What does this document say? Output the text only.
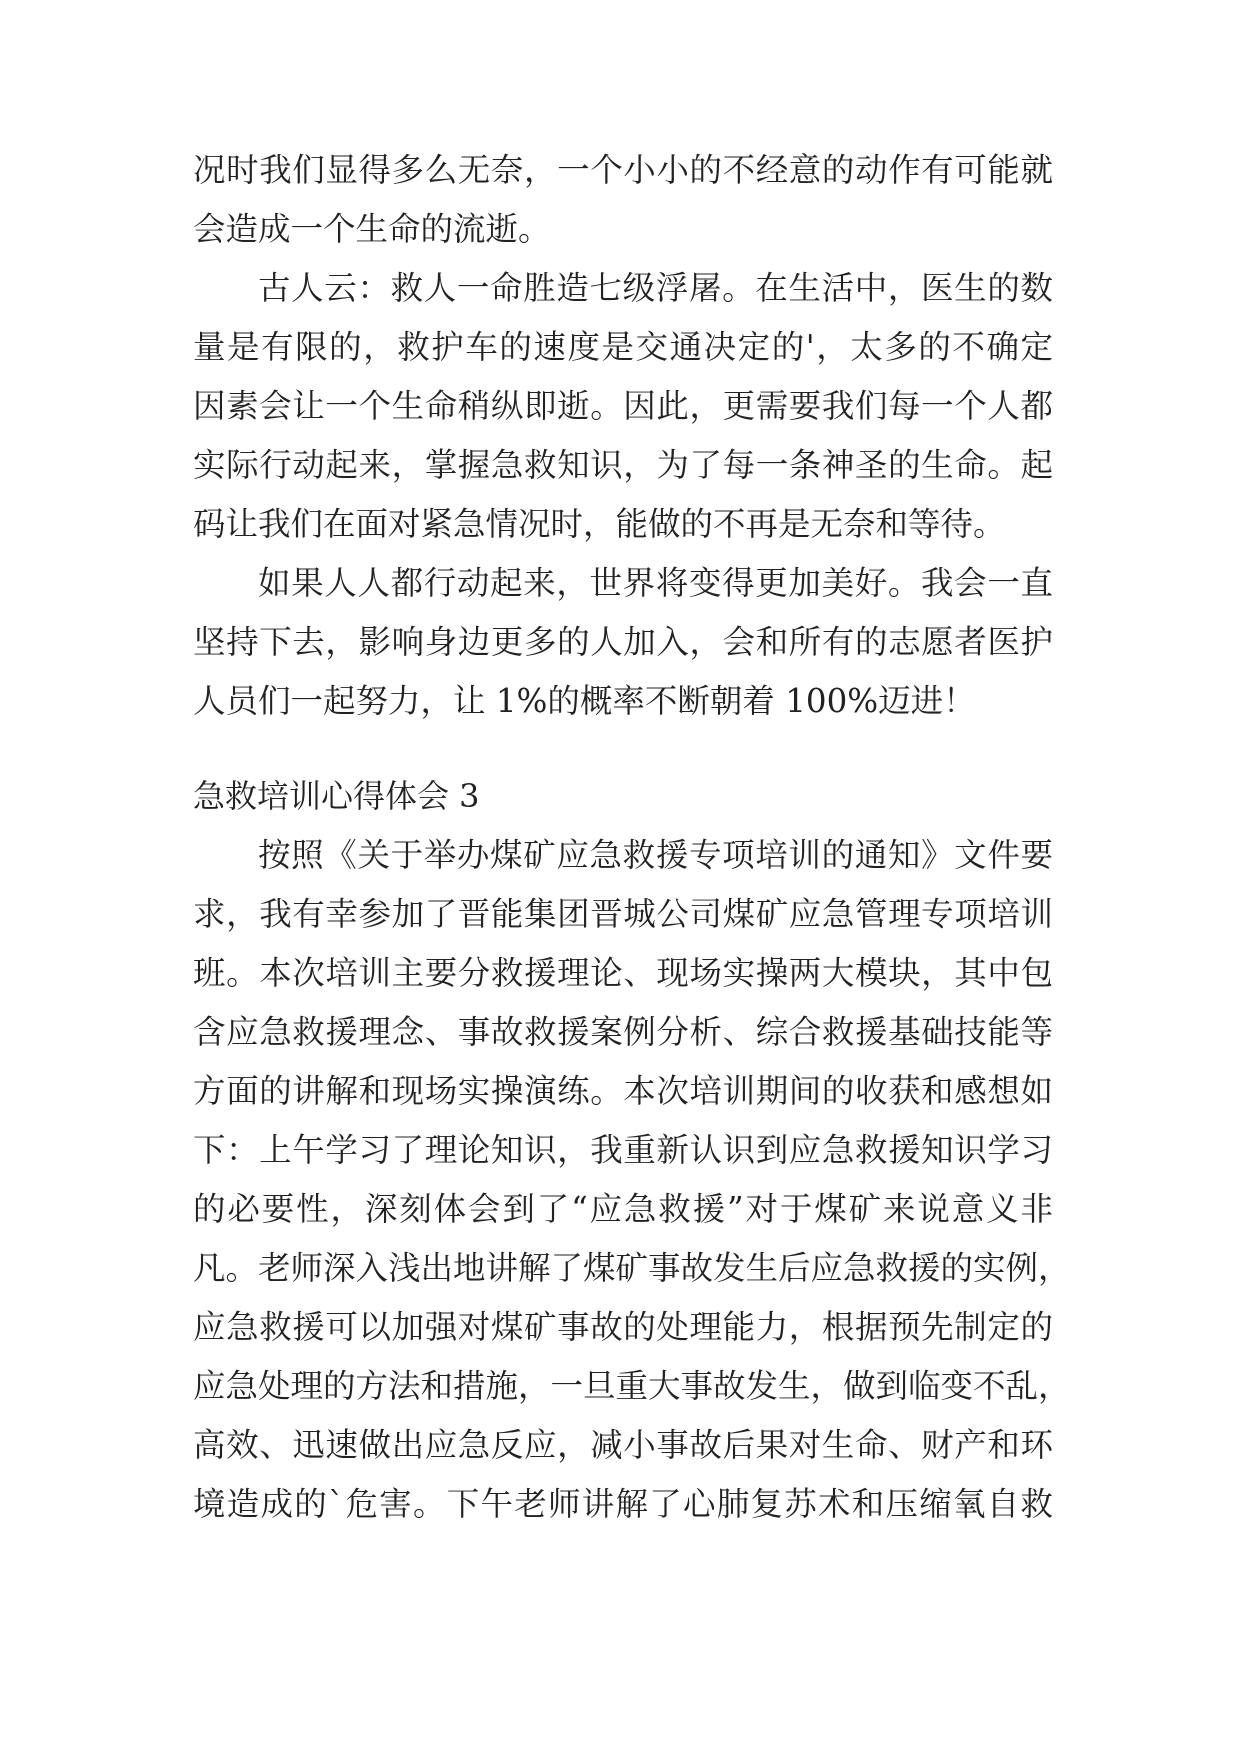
况时我们显得多么无奈，一个小小的不经意的动作有可能就
会造成一个生命的流逝。
古人云：救人一命胜造七级浮屠。在生活中，医生的数
量是有限的，救护车的速度是交通决定的'，太多的不确定
因素会让一个生命稍纵即逝。因此，更需要我们每一个人都
实际行动起来，掌握急救知识，为了每一条神圣的生命。起
码让我们在面对紧急情况时，能做的不再是无奈和等待。
如果人人都行动起来，世界将变得更加美好。我会一直
坚持下去，影响身边更多的人加入，会和所有的志愿者医护
人员们一起努力，让 1%的概率不断朝着 100%迈进！
急救培训心得体会 3
按照《关于举办煤矿应急救援专项培训的通知》文件要
求，我有幸参加了晋能集团晋城公司煤矿应急管理专项培训
班。本次培训主要分救援理论、现场实操两大模块，其中包
含应急救援理念、事故救援案例分析、综合救援基础技能等
方面的讲解和现场实操演练。本次培训期间的收获和感想如
下：上午学习了理论知识，我重新认识到应急救援知识学习
的必要性，深刻体会到了“应急救援”对于煤矿来说意义非
凡。老师深入浅出地讲解了煤矿事故发生后应急救援的实例，
应急救援可以加强对煤矿事故的处理能力，根据预先制定的
应急处理的方法和措施，一旦重大事故发生，做到临变不乱，
高效、迅速做出应急反应，减小事故后果对生命、财产和环
境造成的`危害。下午老师讲解了心肺复苏术和压缩氧自救
